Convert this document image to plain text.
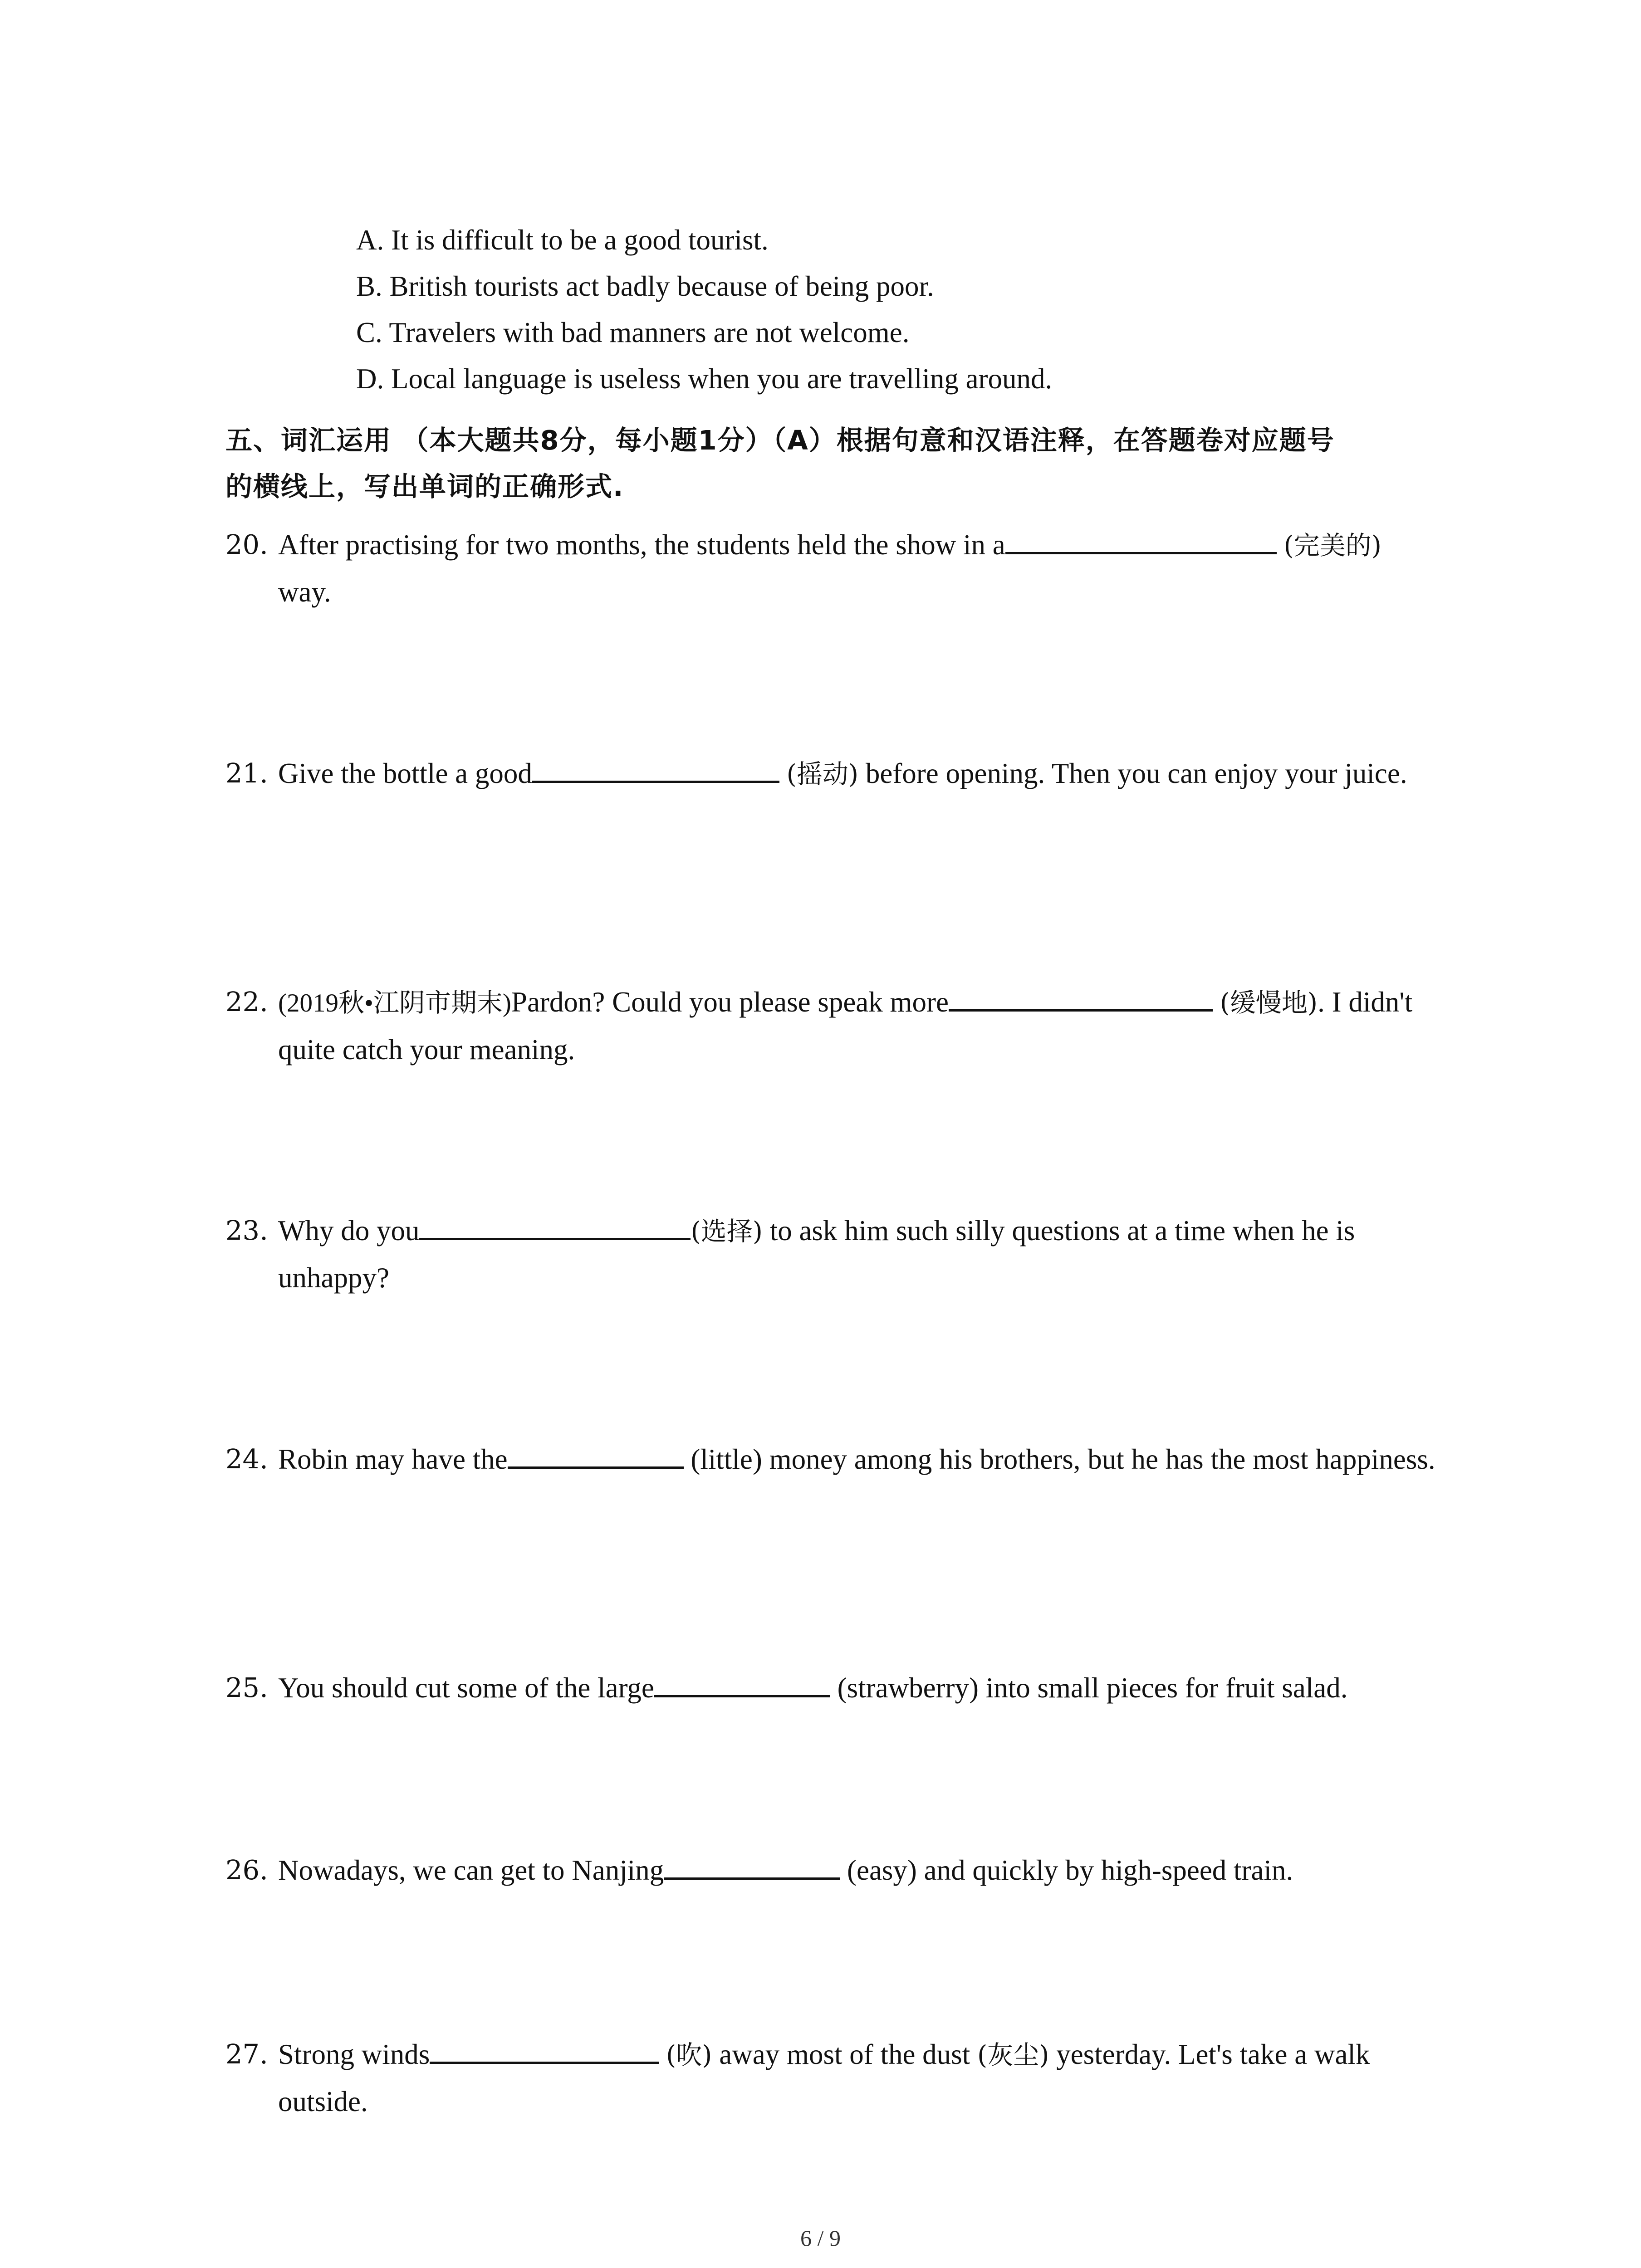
A. It is difficult to be a good tourist.
B. British tourists act badly because of being poor.
C. Travelers with bad manners are not welcome.
D. Local language is useless when you are travelling around.
五、词汇运用 （本大题共8分，每小题1分）（A）根据句意和汉语注释，在答题卷对应题号
的横线上，写出单词的正确形式.
20. After practising for two months, the students held the show in a	(完美的)
way.
21. Give the bottle a good	(摇动) before opening. Then you can enjoy your juice.
22. (2019秋•江阴市期末)Pardon? Could you please speak more	(缓慢地). I didn't quite catch your meaning.
23. Why do you	(选择) to ask him such silly questions at a time when he is unhappy?
24. Robin may have the	(little) money among his brothers, but he has the most happiness.
25. You should cut some of the large	(strawberry) into small pieces for fruit salad.
26. Nowadays, we can get to Nanjing	(easy) and quickly by high-speed train.
27. Strong winds	(吹) away most of the dust (灰尘) yesterday. Let's take a walk outside.
6 / 9
